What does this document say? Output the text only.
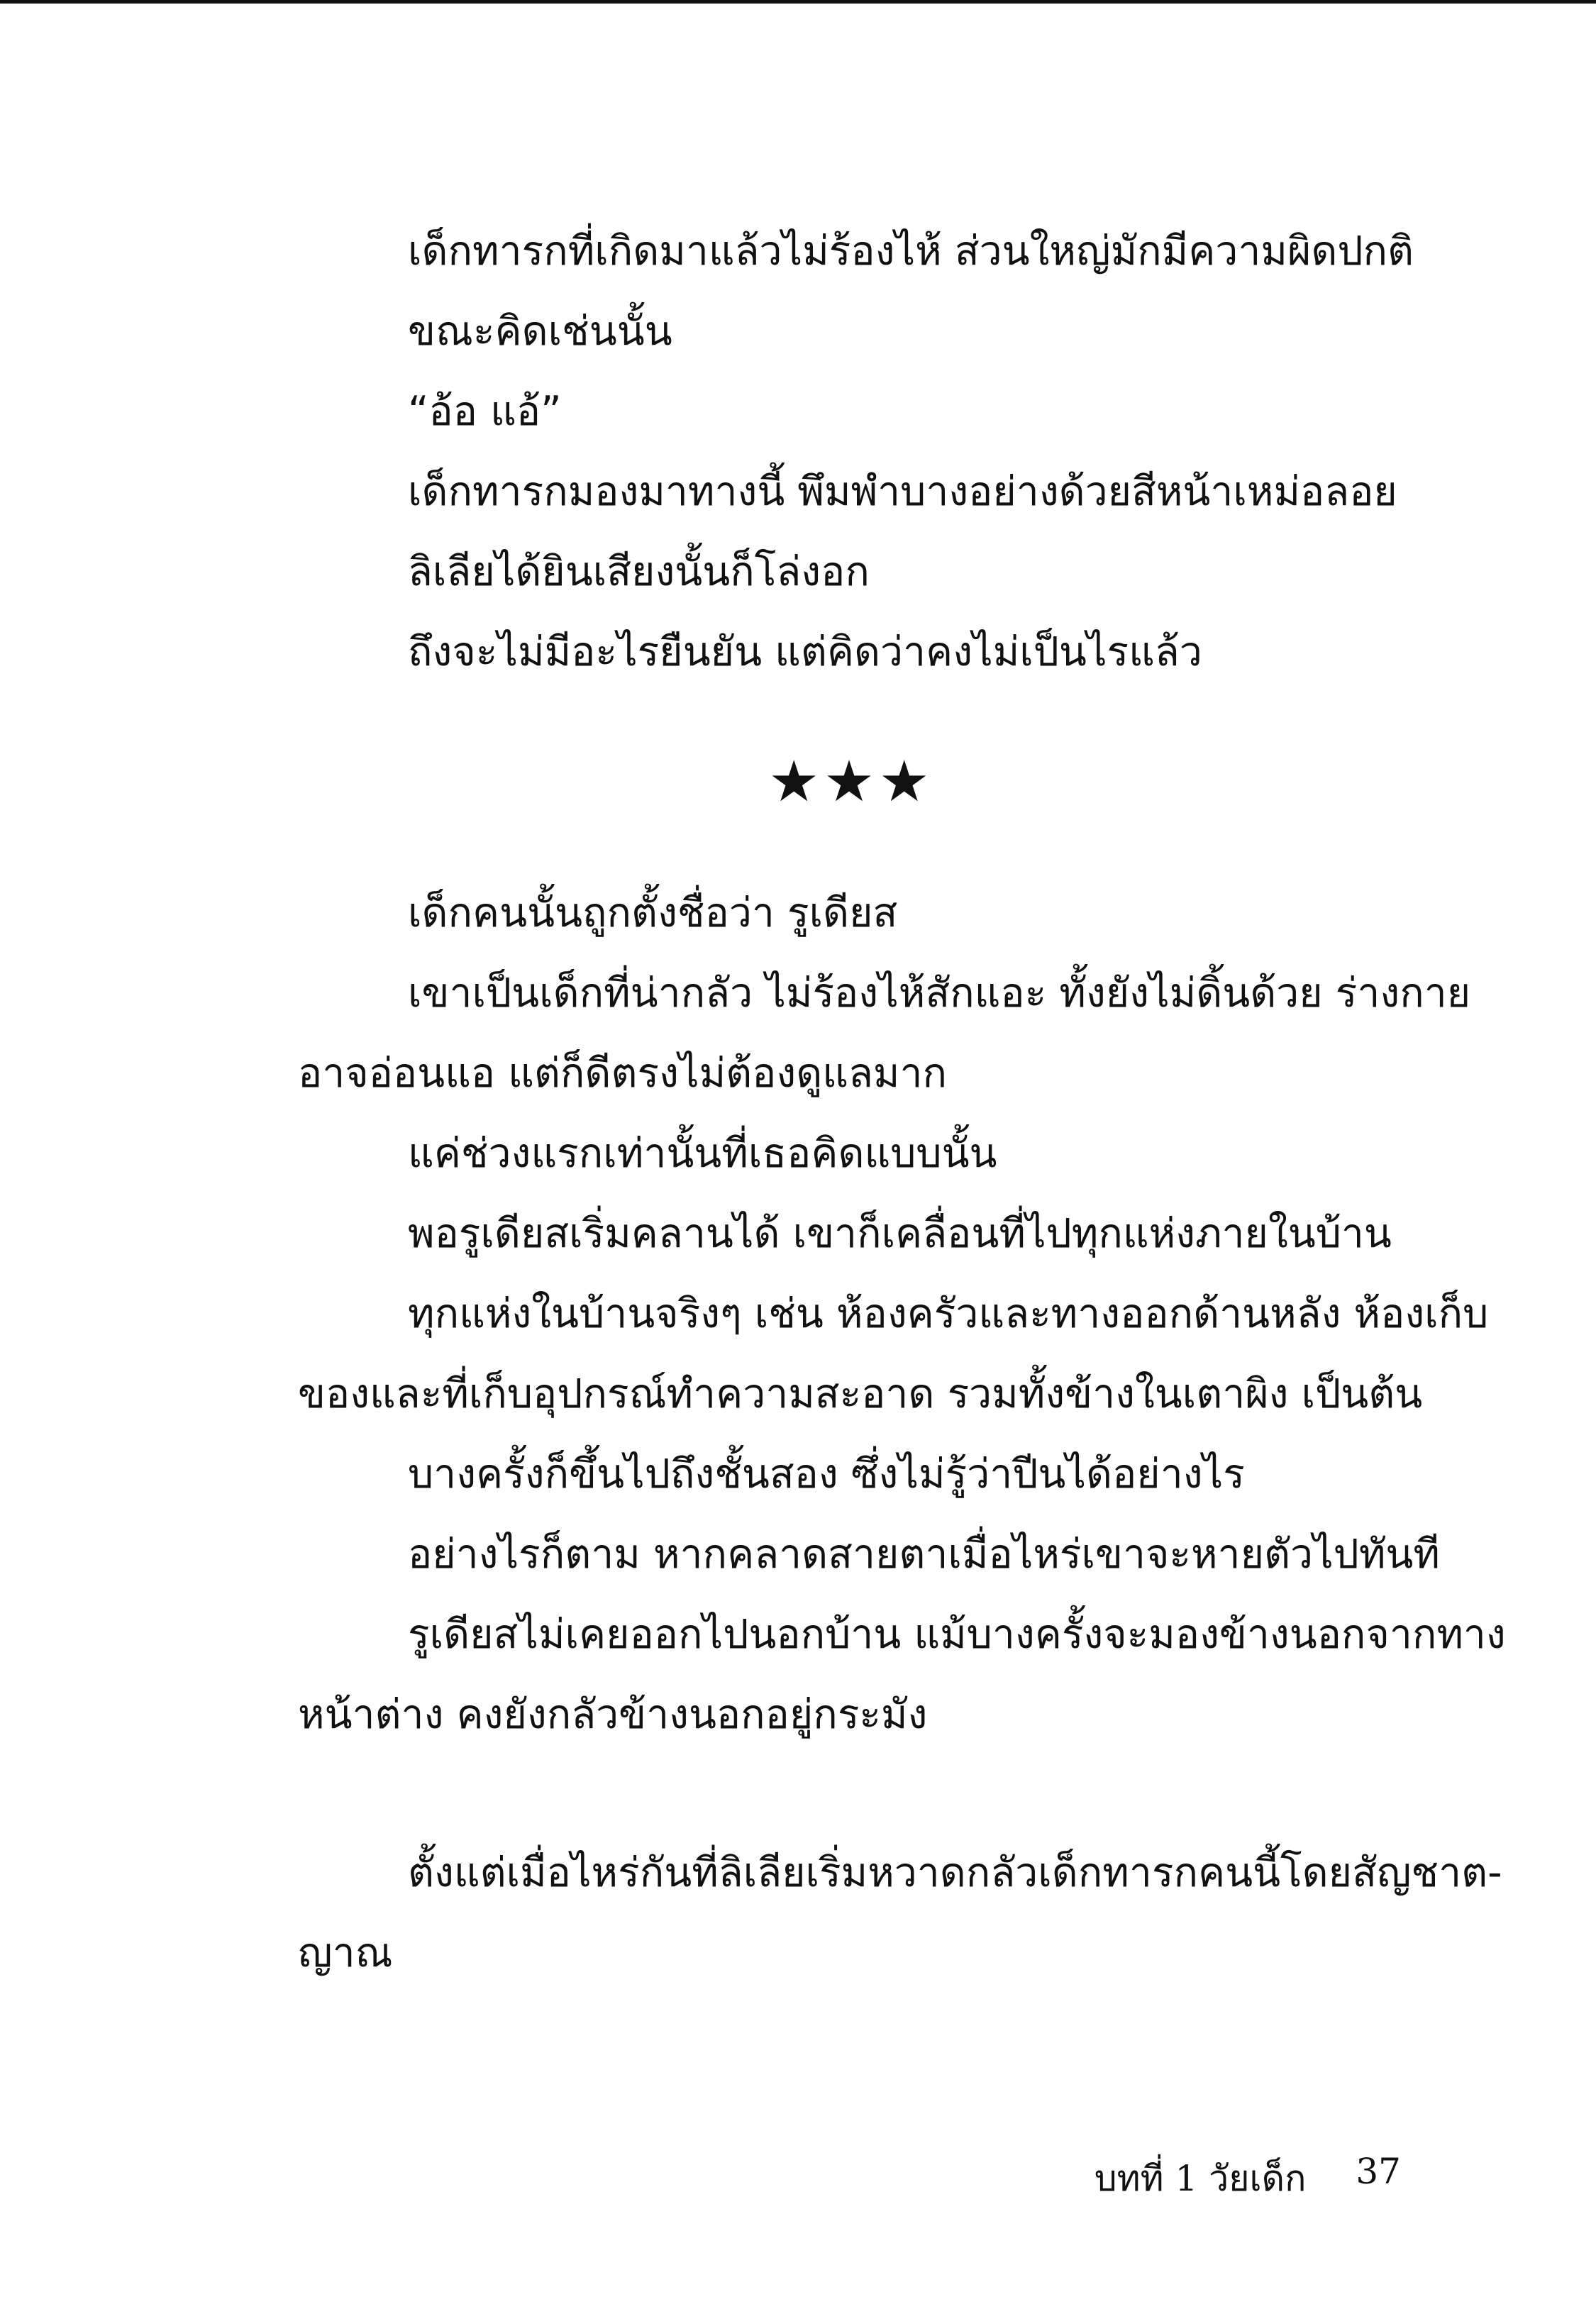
เด็กทารกที่เกิดมาแล้วไม่ร้องไห้ ส่วนใหญ่มักมีความผิดปกติ
ขณะคิดเช่นนั้น
“อ้อ แอ้”
เด็กทารกมองมาทางนี้ พึมพำบางอย่างด้วยสีหน้าเหม่อลอย
ลิเลียได้ยินเสียงนั้นก็โล่งอก
ถึงจะไม่มีอะไรยืนยัน แต่คิดว่าคงไม่เป็นไรแล้ว
★★★
เด็กคนนั้นถูกตั้งชื่อว่า รูเดียส
เขาเป็นเด็กที่น่ากลัว ไม่ร้องไห้สักแอะ ทั้งยังไม่ดิ้นด้วย ร่างกาย
อาจอ่อนแอ แต่ก็ดีตรงไม่ต้องดูแลมาก
แค่ช่วงแรกเท่านั้นที่เธอคิดแบบนั้น
พอรูเดียสเริ่มคลานได้ เขาก็เคลื่อนที่ไปทุกแห่งภายในบ้าน
ทุกแห่งในบ้านจริงๆ เช่น ห้องครัวและทางออกด้านหลัง ห้องเก็บ
ของและที่เก็บอุปกรณ์ทำความสะอาด รวมทั้งข้างในเตาผิง เป็นต้น
บางครั้งก็ขึ้นไปถึงชั้นสอง ซึ่งไม่รู้ว่าปีนได้อย่างไร
อย่างไรก็ตาม หากคลาดสายตาเมื่อไหร่เขาจะหายตัวไปทันที
รูเดียสไม่เคยออกไปนอกบ้าน แม้บางครั้งจะมองข้างนอกจากทาง
หน้าต่าง คงยังกลัวข้างนอกอยู่กระมัง
ตั้งแต่เมื่อไหร่กันที่ลิเลียเริ่มหวาดกลัวเด็กทารกคนนี้โดยสัญชาต-
ญาณ
บทที่ 1 วัยเด็ก 37
